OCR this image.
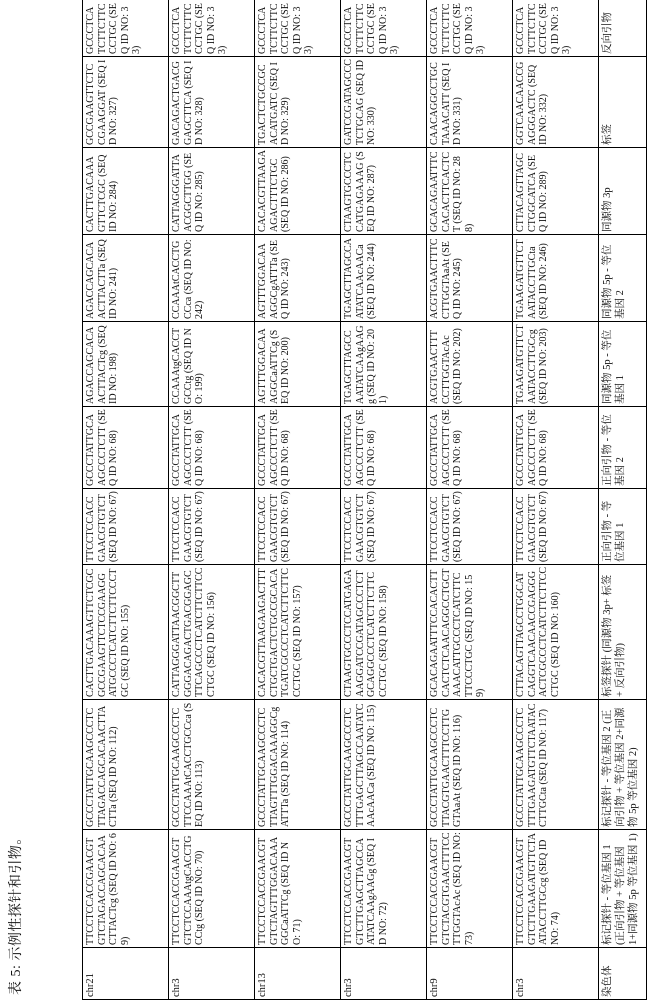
表 5: 示例性探针和引物。	chr21	TTCCTCCACCGAACGTGTCTAGACCAGCACAACTTACTcg (SEQ ID NO: 69)	GCCCTATTGCAAGCCCTCTTAGACCAGCACAACTTACTTa (SEQ ID NO: 112)	CACTTGACAAAGTTCTCGCGCCGAAGTTCTCCGAAGGATGCCCTCATCTTCTTCCCTGC (SEQ ID NO: 155)	TTCCTCCACCGAACGTGTCT (SEQ ID NO: 67)	GCCCTATTGCAAGCCCTCTT (SEQ ID NO: 68)	AGACCAGCACAACTTACTcg (SEQ ID NO: 198)	AGACCAGCACAACTTACTTa (SEQ ID NO: 241)	CACTTGACAAAGTTCTCGC (SEQ ID NO: 284)	GCCGAAGTTCTCCGAAGGAT (SEQ ID NO: 327)	GCCCTCATCTTCTTCCCTGC (SEQ ID NO: 33)
chr3	TTCCTCCACCGAACGTGTCTCCAAAtgCACCTGCCtg (SEQ ID NO: 70)	GCCCTATTGCAAGCCCTCTTCCAAAtCACCTGCCca (SEQ ID NO: 113)	CATTAGGGATTAACGGCTTGGGACAGACTGACGGAGCTTCAGCCCTCATCTTCTTCCCTGC (SEQ ID NO: 156)	TTCCTCCACCGAACGTGTCT (SEQ ID NO: 67)	GCCCTATTGCAAGCCCTCTT (SEQ ID NO: 68)	CCAAAtgCACCTGCCtg (SEQ ID NO: 199)	CCAAAtCACCTGCCca (SEQ ID NO: 242)	CATTAGGGATTAACGGCTTGG (SEQ ID NO: 285)	GACAGACTGACGGAGCTTCA (SEQ ID NO: 328)	GCCCTCATCTTCTTCCCTGC (SEQ ID NO: 33)
chr13	TTCCTCCACCGAACGTGTCTAGTTTGGACAAAGGCaATTCg (SEQ ID NO: 71)	GCCCTATTGCAAGCCCTCTTAGTTTGGACAAAGGCgATTTa (SEQ ID NO: 114)	CACACGTTAAGAAGACTTTCTGCTGACTCTGCCGCACATGATCGCCCTCATCTTCTTCCCTGC (SEQ ID NO: 157)	TTCCTCCACCGAACGTGTCT (SEQ ID NO: 67)	GCCCTATTGCAAGCCCTCTT (SEQ ID NO: 68)	AGTTTGGACAAAGGCaATTCg (SEQ ID NO: 200)	AGTTTGGACAAAGGCgATTTa (SEQ ID NO: 243)	CACACGTTAAGAAGACTTTCTGC (SEQ ID NO: 286)	TGACTCTGCCGCACATGATC (SEQ ID NO: 329)	GCCCTCATCTTCTTCCCTGC (SEQ ID NO: 33)
chr3	TTCCTCCACCGAACGTGTCTTGAGCTTAGCCAATATCAAgAAGg (SEQ ID NO: 72)	GCCCTATTGCAAGCCCTCTTTGAGCTTAGCCAATATCAAcAACa (SEQ ID NO: 115)	CTAAGTGCCCTCCATGAGAAAGGATCCGATAGCCCTCTGCAGGCCCTCATCTTCTTCCCTGC (SEQ ID NO: 158)	TTCCTCCACCGAACGTGTCT (SEQ ID NO: 67)	GCCCTATTGCAAGCCCTCTT (SEQ ID NO: 68)	TGAGCTTAGCCAATATCAAgAAGg (SEQ ID NO: 201)	TGAGCTTAGCCAATATCAAcAACa (SEQ ID NO: 244)	CTAAGTGCCCTCCATGAGAAAG (SEQ ID NO: 287)	GATCCGATAGCCCTCTGCAG (SEQ ID NO: 330)	GCCCTCATCTTCTTCCCTGC (SEQ ID NO: 33)
chr9	TTCCTCCACCGAACGTGTCTACGTGAACTTTCCTTGGTAcAc (SEQ ID NO: 73)	GCCCTATTGCAAGCCCTCTTACGTGAACTTTCCTTGGTAaAt (SEQ ID NO: 116)	GCACAGAATTTCCACACTTCACTCTCAACAGGCCTGCTAAACATTGCCCTCATCTTCTTCCCTGC (SEQ ID NO: 159)	TTCCTCCACCGAACGTGTCT (SEQ ID NO: 67)	GCCCTATTGCAAGCCCTCTT (SEQ ID NO: 68)	ACGTGAACTTTCCTTGGTAcAc (SEQ ID NO: 202)	ACGTGAACTTTCCTTGGTAaAt (SEQ ID NO: 245)	GCACAGAATTTCCACACTTCACTCT (SEQ ID NO: 288)	CAACAGGCCTGCTAAACATT (SEQ ID NO: 331)	GCCCTCATCTTCTTCCCTGC (SEQ ID NO: 33)
chr3	TTCCTCCACCGAACGTGTCTTGAAGATGTTCTAATACCTTGCcg (SEQ ID NO: 74)	GCCCTATTGCAAGCCCTCTTTGAAGATGTTCTAATACCTTGCta (SEQ ID NO: 117)	CTTACAGTTAGCCTGGCATCAGGTCAACAACCGAGGGACTCGCCCTCATCTTCTTCCCTGC (SEQ ID NO: 160)	TTCCTCCACCGAACGTGTCT (SEQ ID NO: 67)	GCCCTATTGCAAGCCCTCTT (SEQ ID NO: 68)	TGAAGATGTTCTAATACCTTGCcg (SEQ ID NO: 203)	TGAAGATGTTCTAATACCTTGCta (SEQ ID NO: 246)	CTTACAGTTAGCCTGGCATCA (SEQ ID NO: 289)	GGTCAACAACCGAGGGACTC (SEQ ID NO: 332)	GCCCTCATCTTCTTCCCTGC (SEQ ID NO: 33)
染色体	标记探针 - 等位基因 1 (正向引物 + 等位基因 1+同源物 5p 等位基因 1)	标记探针 - 等位基因 2 (正向引物 + 等位基因 2+同源物 5p 等位基因 2)	标签探针 (同源物 3p+ 标签 + 反向引物)	正向引物 - 等位基因 1	正向引物 - 等位基因 2	同源物 5p - 等位基因 1	同源物 5p - 等位基因 2	同源物 3p	标签	反向引物
